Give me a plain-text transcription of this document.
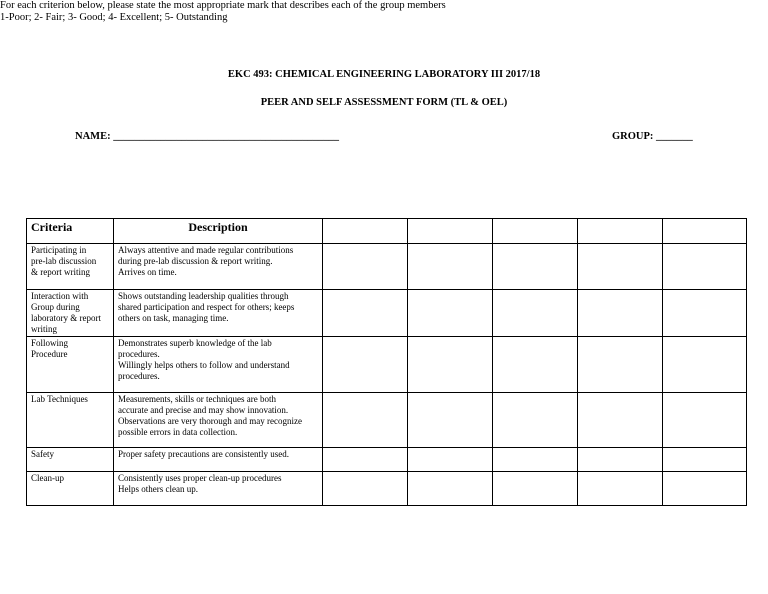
EKC 493: CHEMICAL ENGINEERING LABORATORY III 2017/18
PEER AND SELF ASSESSMENT FORM (TL & OEL)
NAME: ___________________________________________	GROUP: _______
For each criterion below, please state the most appropriate mark that describes each of the group members
1-Poor; 2- Fair; 3- Good; 4- Excellent; 5- Outstanding
Criteria	Description					
Participating in
pre-lab discussion
& report writing	Always attentive and made regular contributions
during pre-lab discussion & report writing.
Arrives on time.					
Interaction with
Group during
laboratory & report
writing	Shows outstanding leadership qualities through
shared participation and respect for others; keeps
others on task, managing time.					
Following
Procedure	Demonstrates superb knowledge of the lab
procedures.
Willingly helps others to follow and understand
procedures.					
Lab Techniques	Measurements, skills or techniques are both
accurate and precise and may show innovation.
Observations are very thorough and may recognize
possible errors in data collection.					
Safety	Proper safety precautions are consistently used.					
Clean-up	Consistently uses proper clean-up procedures
Helps others clean up.					
